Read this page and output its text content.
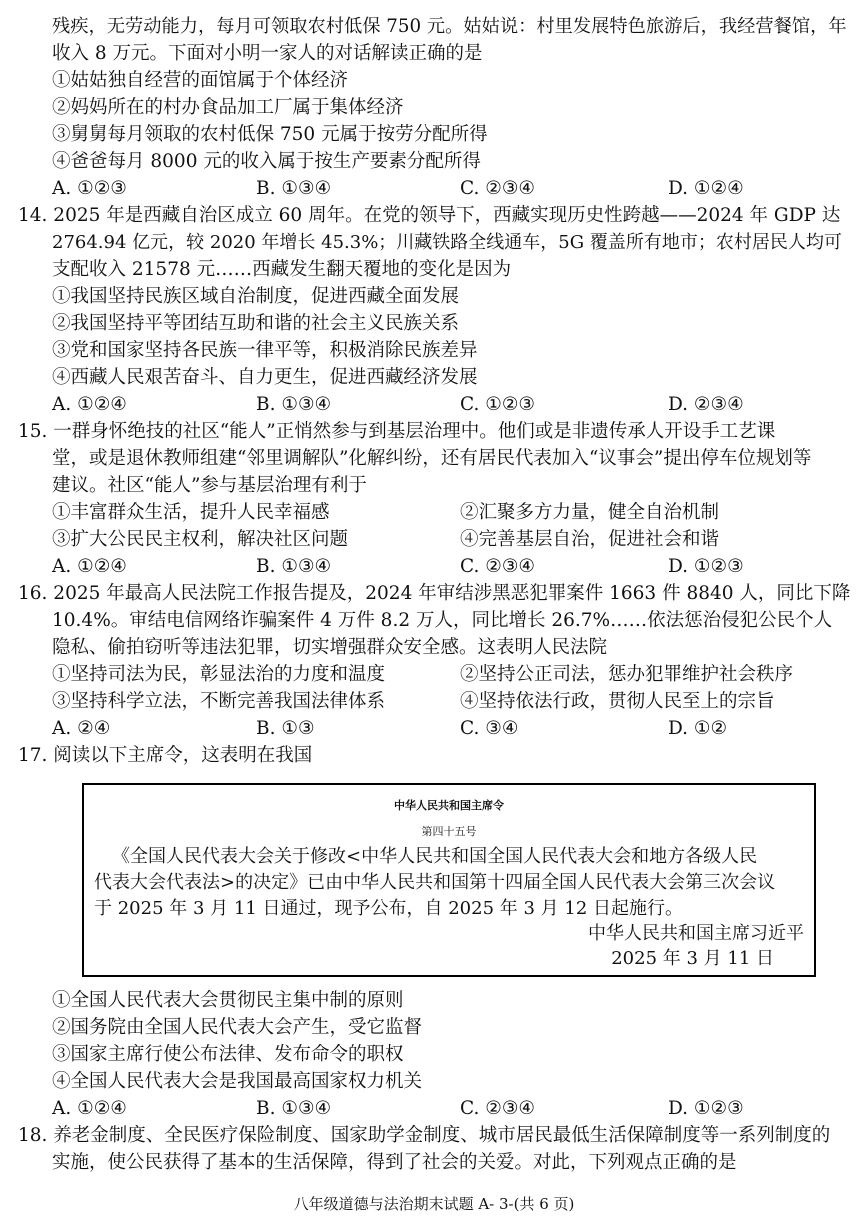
残疾，无劳动能力，每月可领取农村低保 750 元。姑姑说：村里发展特色旅游后，我经营餐馆，年
收入 8 万元。下面对小明一家人的对话解读正确的是
①姑姑独自经营的面馆属于个体经济
②妈妈所在的村办食品加工厂属于集体经济
③舅舅每月领取的农村低保 750 元属于按劳分配所得
④爸爸每月 8000 元的收入属于按生产要素分配所得
A. ①②③	B. ①③④	C. ②③④	D. ①②④
14. 2025 年是西藏自治区成立 60 周年。在党的领导下，西藏实现历史性跨越——2024 年 GDP 达
2764.94 亿元，较 2020 年增长 45.3%；川藏铁路全线通车，5G 覆盖所有地市；农村居民人均可
支配收入 21578 元……西藏发生翻天覆地的变化是因为
①我国坚持民族区域自治制度，促进西藏全面发展
②我国坚持平等团结互助和谐的社会主义民族关系
③党和国家坚持各民族一律平等，积极消除民族差异
④西藏人民艰苦奋斗、自力更生，促进西藏经济发展
A. ①②④	B. ①③④	C. ①②③	D. ②③④
15. 一群身怀绝技的社区“能人”正悄然参与到基层治理中。他们或是非遗传承人开设手工艺课
堂，或是退休教师组建“邻里调解队”化解纠纷，还有居民代表加入“议事会”提出停车位规划等
建议。社区“能人”参与基层治理有利于
①丰富群众生活，提升人民幸福感	②汇聚多方力量，健全自治机制
③扩大公民民主权利，解决社区问题	④完善基层自治，促进社会和谐
A. ①②④	B. ①③④	C. ②③④	D. ①②③
16. 2025 年最高人民法院工作报告提及，2024 年审结涉黑恶犯罪案件 1663 件 8840 人，同比下降
10.4%。审结电信网络诈骗案件 4 万件 8.2 万人，同比增长 26.7%……依法惩治侵犯公民个人
隐私、偷拍窃听等违法犯罪，切实增强群众安全感。这表明人民法院
①坚持司法为民，彰显法治的力度和温度	②坚持公正司法，惩办犯罪维护社会秩序
③坚持科学立法，不断完善我国法律体系	④坚持依法行政，贯彻人民至上的宗旨
A. ②④	B. ①③	C. ③④	D. ①②
17. 阅读以下主席令，这表明在我国
中华人民共和国主席令
第四十五号
《全国人民代表大会关于修改<中华人民共和国全国人民代表大会和地方各级人民
代表大会代表法>的决定》已由中华人民共和国第十四届全国人民代表大会第三次会议
于 2025 年 3 月 11 日通过，现予公布，自 2025 年 3 月 12 日起施行。
中华人民共和国主席习近平
2025 年 3 月 11 日
①全国人民代表大会贯彻民主集中制的原则
②国务院由全国人民代表大会产生，受它监督
③国家主席行使公布法律、发布命令的职权
④全国人民代表大会是我国最高国家权力机关
A. ①②④	B. ①③④	C. ②③④	D. ①②③
18. 养老金制度、全民医疗保险制度、国家助学金制度、城市居民最低生活保障制度等一系列制度的
实施，使公民获得了基本的生活保障，得到了社会的关爱。对此，下列观点正确的是
八年级道德与法治期末试题 A- 3-(共 6 页)
